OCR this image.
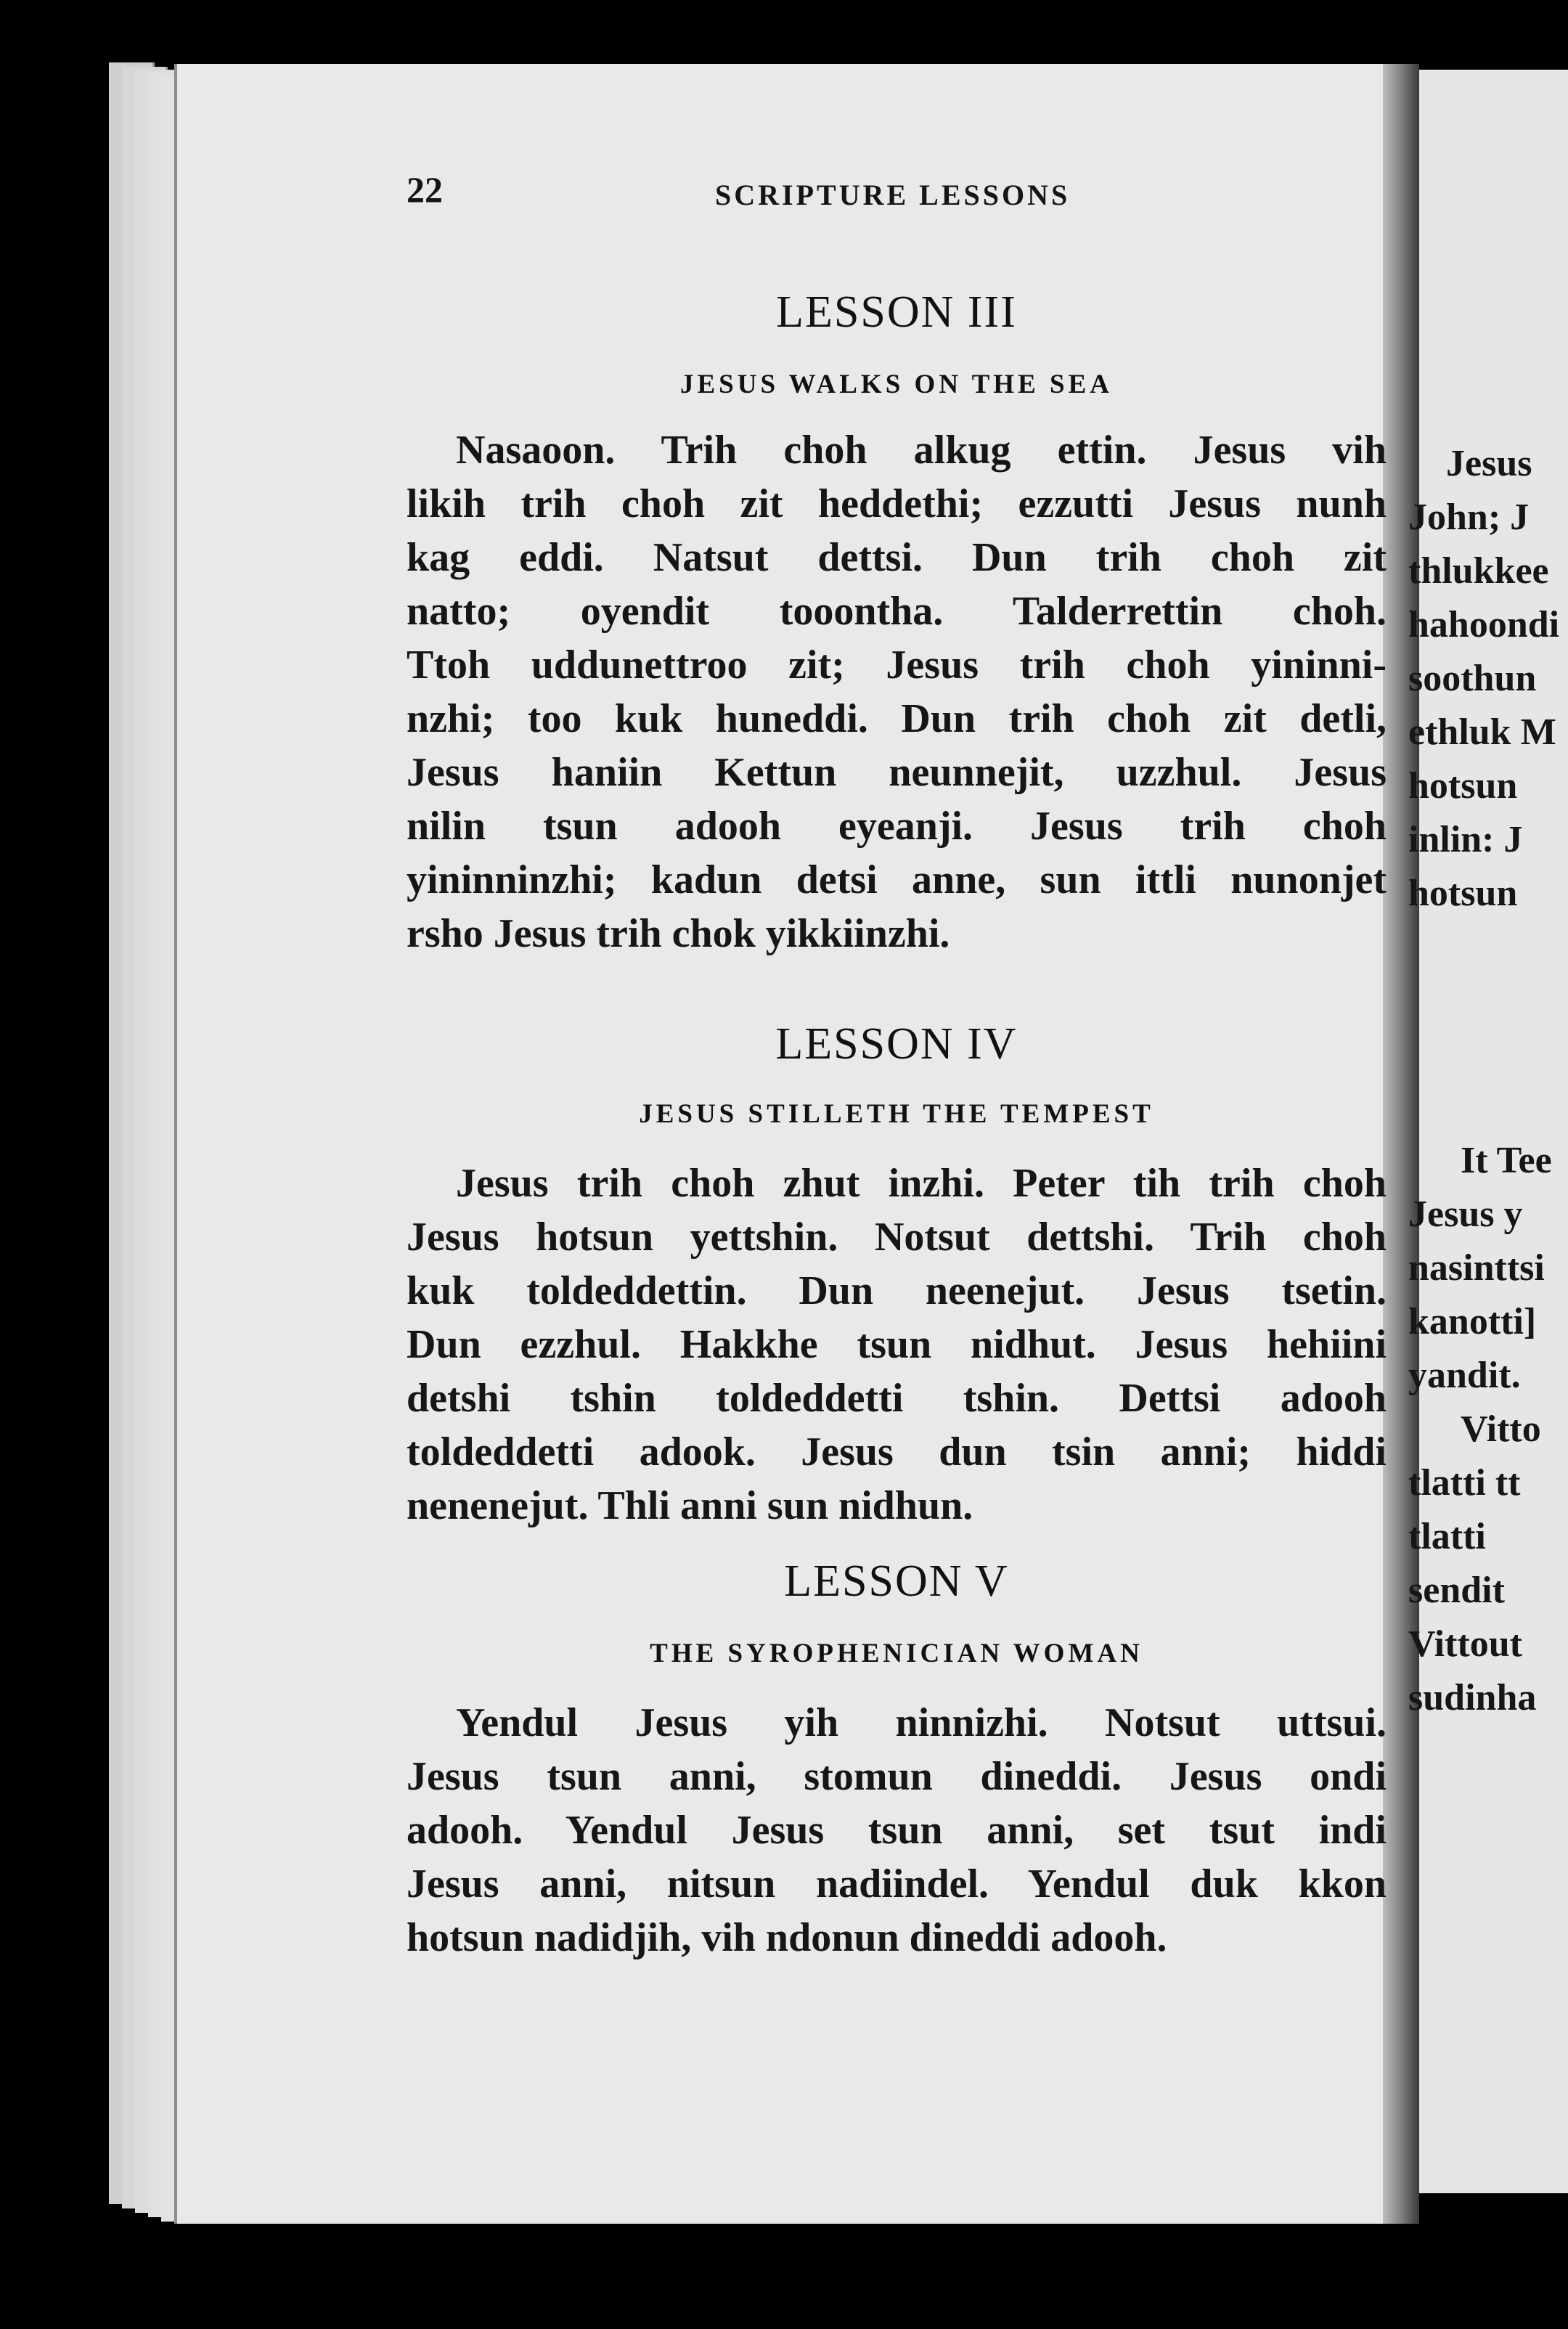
22	SCRIPTURE LESSONS
LESSON III
JESUS WALKS ON THE SEA
Nasaoon. Trih choh alkug ettin. Jesus vih
likih trih choh zit heddethi; ezzutti Jesus nunh
kag eddi. Natsut dettsi. Dun trih choh zit
natto; oyendit tooontha. Talderrettin choh.
Ttoh uddunettroo zit; Jesus trih choh yininni-
nzhi; too kuk huneddi. Dun trih choh zit detli,
Jesus haniin Kettun neunnejit, uzzhul. Jesus
nilin tsun adooh eyeanji. Jesus trih choh
yininninzhi; kadun detsi anne, sun ittli nunonjet
rsho Jesus trih chok yikkiinzhi.
LESSON IV
JESUS STILLETH THE TEMPEST
Jesus trih choh zhut inzhi. Peter tih trih choh
Jesus hotsun yettshin. Notsut dettshi. Trih choh
kuk toldeddettin. Dun neenejut. Jesus tsetin.
Dun ezzhul. Hakkhe tsun nidhut. Jesus hehiini
detshi tshin toldeddetti tshin. Dettsi adooh
toldeddetti adook. Jesus dun tsin anni; hiddi
nenenejut. Thli anni sun nidhun.
LESSON V
THE SYROPHENICIAN WOMAN
Yendul Jesus yih ninnizhi. Notsut uttsui.
Jesus tsun anni, stomun dineddi. Jesus ondi
adooh. Yendul Jesus tsun anni, set tsut indi
Jesus anni, nitsun nadiindel. Yendul duk kkon
hotsun nadidjih, vih ndonun dineddi adooh.
Jesus
John; J
thlukkee
hahoondi
soothun
ethluk M
hotsun
inlin: J
hotsun
It Tee
Jesus y
nasinttsi
kanotti]
yandit.
Vitto
tlatti tt
tlatti
sendit
Vittout
sudinha
